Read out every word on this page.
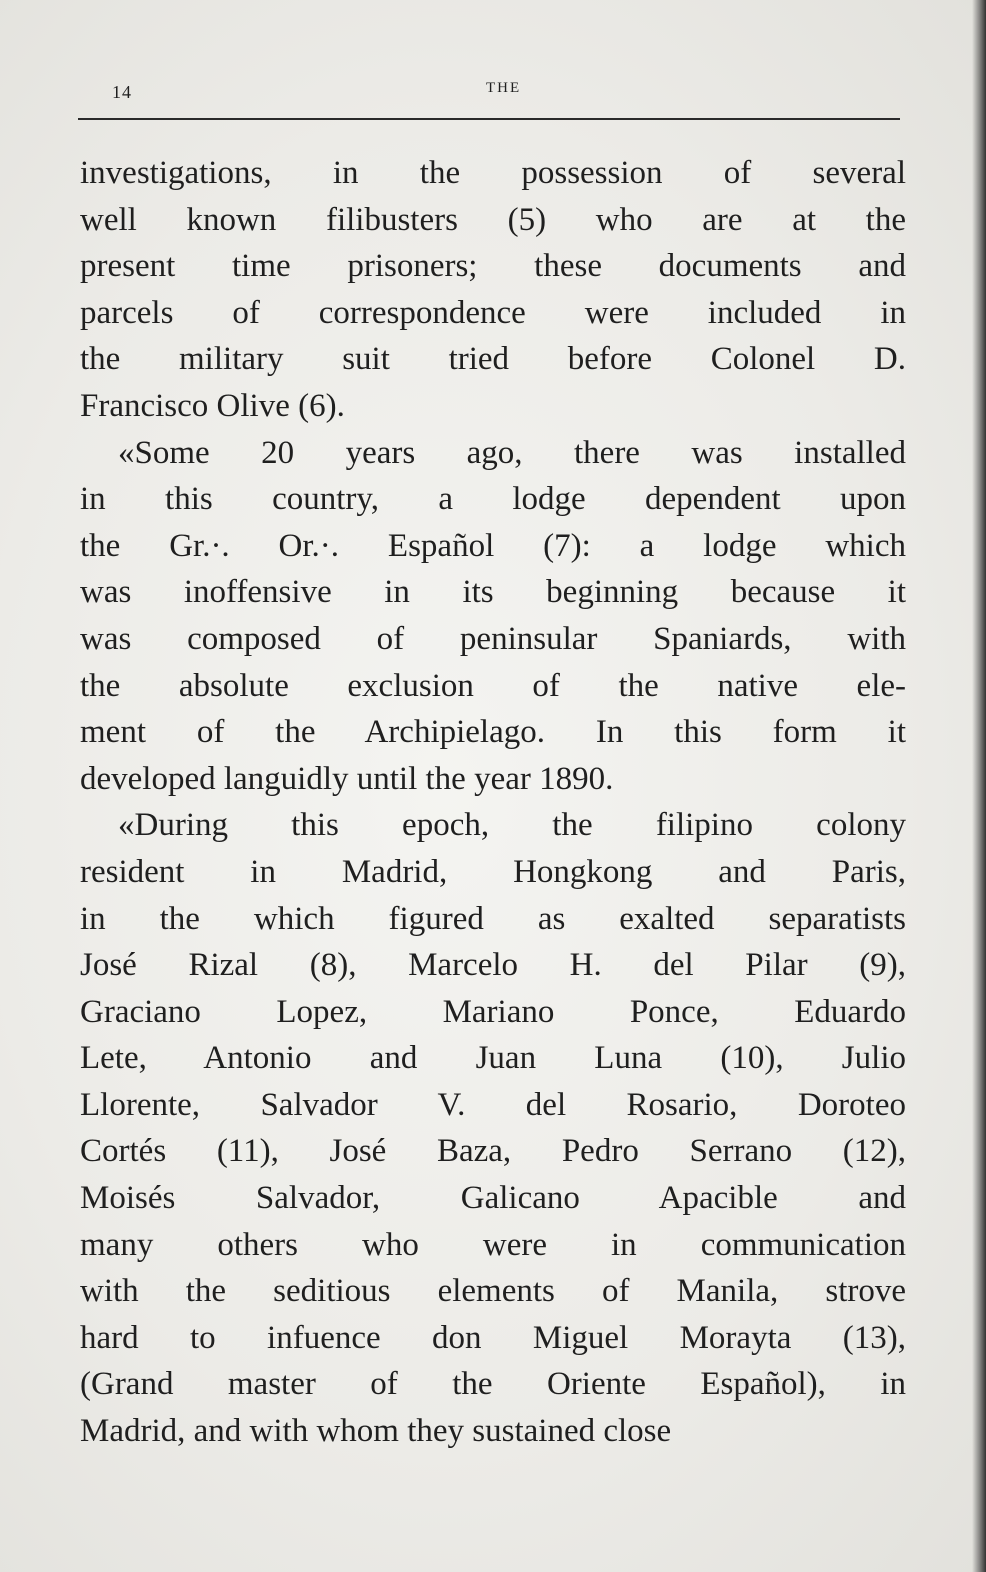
14	THE

investigations, in the possession of several
well known filibusters (5) who are at the
present time prisoners; these documents and
parcels of correspondence were included in
the military suit tried before Colonel D.
Francisco Olive (6).

«Some 20 years ago, there was installed
in this country, a lodge dependent upon
the Gr.·. Or.·. Español (7): a lodge which
was inoffensive in its beginning because it
was composed of peninsular Spaniards, with
the absolute exclusion of the native ele-
ment of the Archipielago. In this form it
developed languidly until the year 1890.

«During this epoch, the filipino colony
resident in Madrid, Hongkong and Paris,
in the which figured as exalted separatists
José Rizal (8), Marcelo H. del Pilar (9),
Graciano Lopez, Mariano Ponce, Eduardo
Lete, Antonio and Juan Luna (10), Julio
Llorente, Salvador V. del Rosario, Doroteo
Cortés (11), José Baza, Pedro Serrano (12),
Moisés Salvador, Galicano Apacible and
many others who were in communication
with the seditious elements of Manila, strove
hard to infuence don Miguel Morayta (13),
(Grand master of the Oriente Español), in
Madrid, and with whom they sustained close
